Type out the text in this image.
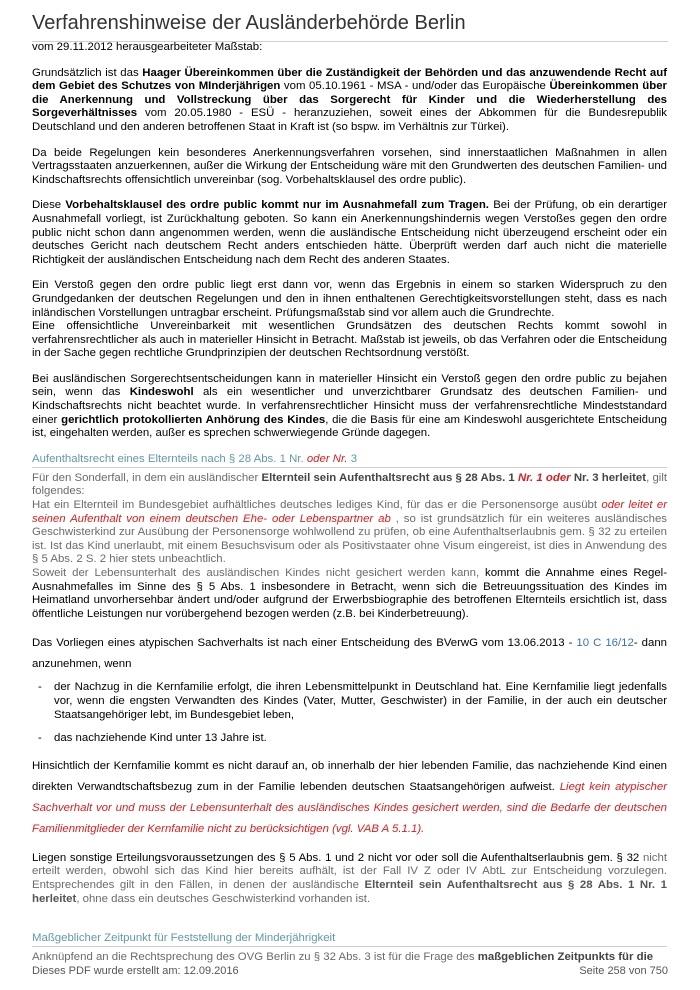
Verfahrenshinweise der Ausländerbehörde Berlin

vom 29.11.2012 herausgearbeiteter Maßstab:

Grundsätzlich ist das Haager Übereinkommen über die Zuständigkeit der Behörden und das anzuwendende Recht auf dem Gebiet des Schutzes von MInderjährigen vom 05.10.1961 - MSA - und/oder das Europäische Übereinkommen über die Anerkennung und Vollstreckung über das Sorgerecht für Kinder und die Wiederherstellung des Sorgeverhältnisses vom 20.05.1980 - ESÜ - heranzuziehen, soweit eines der Abkommen für die Bundesrepublik Deutschland und den anderen betroffenen Staat in Kraft ist (so bspw. im Verhältnis zur Türkei).

Da beide Regelungen kein besonderes Anerkennungsverfahren vorsehen, sind innerstaatlichen Maßnahmen in allen Vertragsstaaten anzuerkennen, außer die Wirkung der Entscheidung wäre mit den Grundwerten des deutschen Familien- und Kindschaftsrechts offensichtlich unvereinbar (sog. Vorbehaltsklausel des ordre public).

Diese Vorbehaltsklausel des ordre public kommt nur im Ausnahmefall zum Tragen. Bei der Prüfung, ob ein derartiger Ausnahmefall vorliegt, ist Zurückhaltung geboten. So kann ein Anerkennungshindernis wegen Verstoßes gegen den ordre public nicht schon dann angenommen werden, wenn die ausländische Entscheidung nicht überzeugend erscheint oder ein deutsches Gericht nach deutschem Recht anders entschieden hätte. Überprüft werden darf auch nicht die materielle Richtigkeit der ausländischen Entscheidung nach dem Recht des anderen Staates.

Ein Verstoß gegen den ordre public liegt erst dann vor, wenn das Ergebnis in einem so starken Widerspruch zu den Grundgedanken der deutschen Regelungen und den in ihnen enthaltenen Gerechtigkeitsvorstellungen steht, dass es nach inländischen Vorstellungen untragbar erscheint. Prüfungsmaßstab sind vor allem auch die Grundrechte.
Eine offensichtliche Unvereinbarkeit mit wesentlichen Grundsätzen des deutschen Rechts kommt sowohl in verfahrensrechtlicher als auch in materieller Hinsicht in Betracht. Maßstab ist jeweils, ob das Verfahren oder die Entscheidung in der Sache gegen rechtliche Grundprinzipien der deutschen Rechtsordnung verstößt.

Bei ausländischen Sorgerechtsentscheidungen kann in materieller Hinsicht ein Verstoß gegen den ordre public zu bejahen sein, wenn das Kindeswohl als ein wesentlicher und unverzichtbarer Grundsatz des deutschen Familien- und Kindschaftsrechts nicht beachtet wurde. In verfahrensrechtlicher Hinsicht muss der verfahrensrechtliche Mindeststandard einer gerichtlich protokollierten Anhörung des Kindes, die die Basis für eine am Kindeswohl ausgerichtete Entscheidung ist, eingehalten werden, außer es sprechen schwerwiegende Gründe dagegen.

Aufenthaltsrecht eines Elternteils nach § 28 Abs. 1 Nr. oder Nr. 3

Für den Sonderfall, in dem ein ausländischer Elternteil sein Aufenthaltsrecht aus § 28 Abs. 1 Nr. 1 oder Nr. 3 herleitet, gilt folgendes:

Hat ein Elternteil im Bundesgebiet aufhältliches deutsches lediges Kind, für das er die Personensorge ausübt oder leitet er seinen Aufenthalt von einem deutschen Ehe- oder Lebenspartner ab , so ist grundsätzlich für ein weiteres ausländisches Geschwisterkind zur Ausübung der Personensorge wohlwollend zu prüfen, ob eine Aufenthaltserlaubnis gem. § 32 zu erteilen ist. Ist das Kind unerlaubt, mit einem Besuchsvisum oder als Positivstaater ohne Visum eingereist, ist dies in Anwendung des § 5 Abs. 2 S. 2 hier stets unbeachtlich.

Soweit der Lebensunterhalt des ausländischen Kindes nicht gesichert werden kann, kommt die Annahme eines Regel-Ausnahmefalles im Sinne des § 5 Abs. 1 insbesondere in Betracht, wenn sich die Betreuungssituation des Kindes im Heimatland unvorhersehbar ändert und/oder aufgrund der Erwerbsbiographie des betroffenen Elternteils ersichtlich ist, dass öffentliche Leistungen nur vorübergehend bezogen werden (z.B. bei Kinderbetreuung).

Das Vorliegen eines atypischen Sachverhalts ist nach einer Entscheidung des BVerwG vom 13.06.2013 - 10 C 16/12- dann anzunehmen, wenn

- der Nachzug in die Kernfamilie erfolgt, die ihren Lebensmittelpunkt in Deutschland hat. Eine Kernfamilie liegt jedenfalls vor, wenn die engsten Verwandten des Kindes (Vater, Mutter, Geschwister) in der Familie, in der auch ein deutscher Staatsangehöriger lebt, im Bundesgebiet leben,
- das nachziehende Kind unter 13 Jahre ist.

Hinsichtlich der Kernfamilie kommt es nicht darauf an, ob innerhalb der hier lebenden Familie, das nachziehende Kind einen direkten Verwandtschaftsbezug zum in der Familie lebenden deutschen Staatsangehörigen aufweist. Liegt kein atypischer Sachverhalt vor und muss der Lebensunterhalt des ausländisches Kindes gesichert werden, sind die Bedarfe der deutschen Familienmitglieder der Kernfamilie nicht zu berücksichtigen (vgl. VAB A 5.1.1).

Liegen sonstige Erteilungsvoraussetzungen des § 5 Abs. 1 und 2 nicht vor oder soll die Aufenthaltserlaubnis gem. § 32 nicht erteilt werden, obwohl sich das Kind hier bereits aufhält, ist der Fall IV Z oder IV AbtL zur Entscheidung vorzulegen. Entsprechendes gilt in den Fällen, in denen der ausländische Elternteil sein Aufenthaltsrecht aus § 28 Abs. 1 Nr. 1 herleitet, ohne dass ein deutsches Geschwisterkind vorhanden ist.

Maßgeblicher Zeitpunkt für Feststellung der Minderjährigkeit

Anknüpfend an die Rechtsprechung des OVG Berlin zu § 32 Abs. 3 ist für die Frage des maßgeblichen Zeitpunkts für die

Dieses PDF wurde erstellt am: 12.09.2016	Seite 258 von 750
